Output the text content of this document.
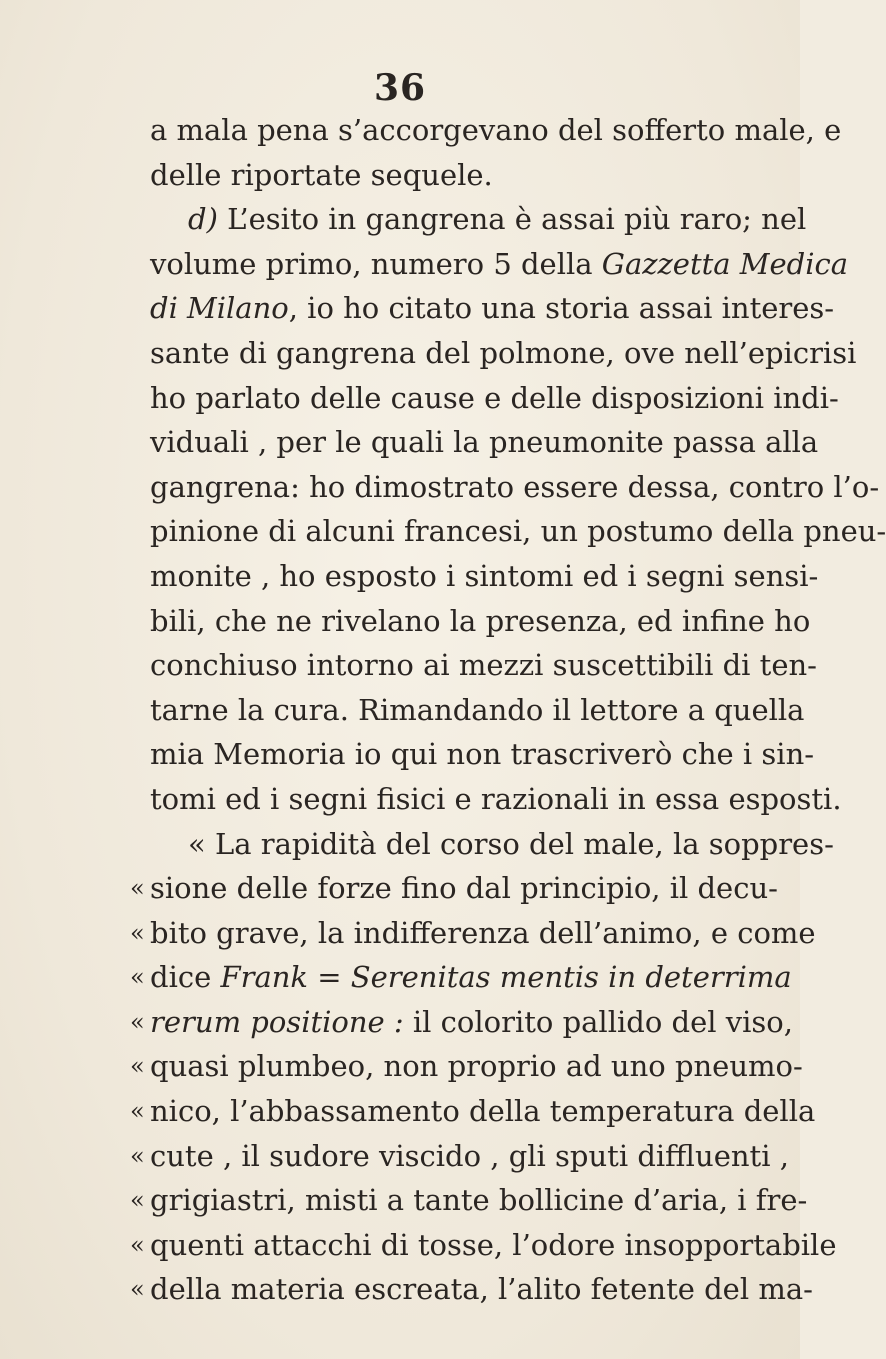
36
a mala pena s’accorgevano del sofferto male, e
delle riportate sequele.
d) L’esito in gangrena è assai più raro; nel
volume primo, numero 5 della Gazzetta Medica
di Milano, io ho citato una storia assai interes-
sante di gangrena del polmone, ove nell’epicrisi
ho parlato delle cause e delle disposizioni indi-
viduali , per le quali la pneumonite passa alla
gangrena: ho dimostrato essere dessa, contro l’o-
pinione di alcuni francesi, un postumo della pneu-
monite , ho esposto i sintomi ed i segni sensi-
bili, che ne rivelano la presenza, ed infine ho
conchiuso intorno ai mezzi suscettibili di ten-
tarne la cura. Rimandando il lettore a quella
mia Memoria io qui non trascriverò che i sin-
tomi ed i segni fisici e razionali in essa esposti.
« La rapidità del corso del male, la soppres-
« sione delle forze fino dal principio, il decu-
« bito grave, la indifferenza dell’animo, e come
« dice Frank = Serenitas mentis in deterrima
« rerum positione : il colorito pallido del viso,
« quasi plumbeo, non proprio ad uno pneumo-
« nico, l’abbassamento della temperatura della
« cute , il sudore viscido , gli sputi diffluenti ,
« grigiastri, misti a tante bollicine d’aria, i fre-
« quenti attacchi di tosse, l’odore insopportabile
« della materia escreata, l’alito fetente del ma-
